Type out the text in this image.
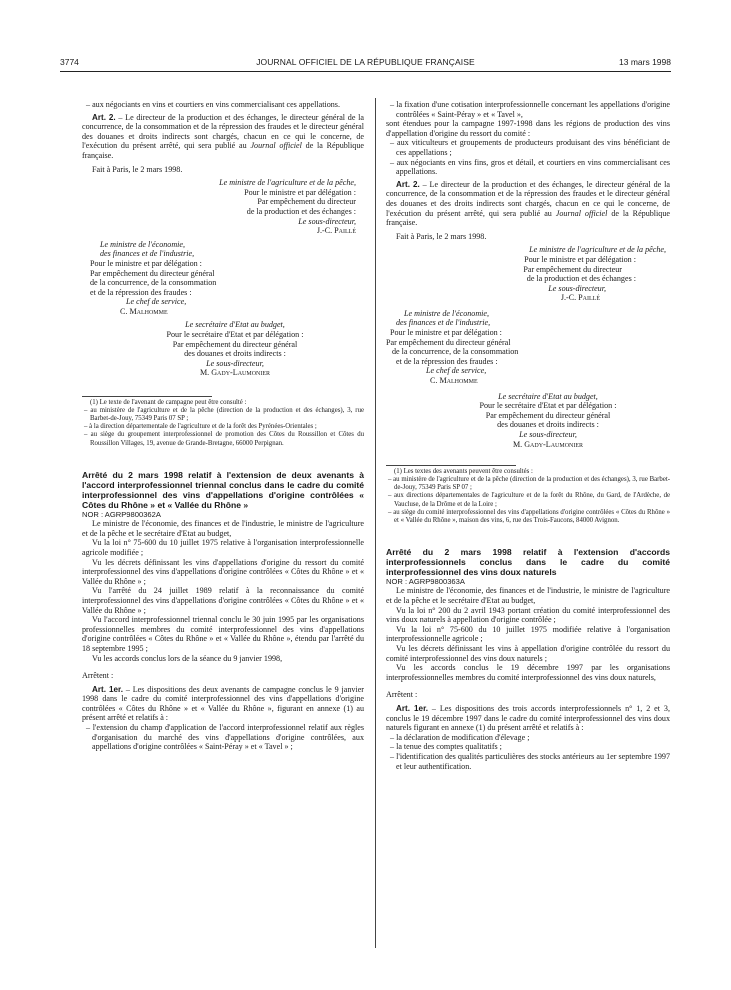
3774	JOURNAL OFFICIEL DE LA RÉPUBLIQUE FRANÇAISE	13 mars 1998

– aux négociants en vins et courtiers en vins commercialisant ces appellations.

Art. 2. – Le directeur de la production et des échanges, le directeur général de la concurrence, de la consommation et de la répression des fraudes et le directeur général des douanes et droits indirects sont chargés, chacun en ce qui le concerne, de l'exécution du présent arrêté, qui sera publié au Journal officiel de la République française.

Fait à Paris, le 2 mars 1998.

Le ministre de l'agriculture et de la pêche,
Pour le ministre et par délégation :
Par empêchement du directeur
de la production et des échanges :
Le sous-directeur,
J.-C. Paillé
Le ministre de l'économie,
des finances et de l'industrie,
Pour le ministre et par délégation :
Par empêchement du directeur général
de la concurrence, de la consommation
et de la répression des fraudes :
Le chef de service,
C. Malhomme
Le secrétaire d'Etat au budget,
Pour le secrétaire d'Etat et par délégation :
Par empêchement du directeur général
des douanes et droits indirects :
Le sous-directeur,
M. Gady-Laumonier

(1) Le texte de l'avenant de campagne peut être consulté :

– au ministère de l'agriculture et de la pêche (direction de la production et des échanges), 3, rue Barbet-de-Jouy, 75349 Paris 07 SP ;

– à la direction départementale de l'agriculture et de la forêt des Pyrénées-Orientales ;

– au siège du groupement interprofessionnel de promotion des Côtes du Roussillon et Côtes du Roussillon Villages, 19, avenue de Grande-Bretagne, 66000 Perpignan.

Arrêté du 2 mars 1998 relatif à l'extension de deux avenants à l'accord interprofessionnel triennal conclus dans le cadre du comité interprofessionnel des vins d'appellations d'origine contrôlées « Côtes du Rhône » et « Vallée du Rhône »

NOR : AGRP9800362A

Le ministre de l'économie, des finances et de l'industrie, le ministre de l'agriculture et de la pêche et le secrétaire d'Etat au budget,

Vu la loi n° 75-600 du 10 juillet 1975 relative à l'organisation interprofessionnelle agricole modifiée ;

Vu les décrets définissant les vins d'appellations d'origine du ressort du comité interprofessionnel des vins d'appellations d'origine contrôlées « Côtes du Rhône » et « Vallée du Rhône » ;

Vu l'arrêté du 24 juillet 1989 relatif à la reconnaissance du comité interprofessionnel des vins d'appellations d'origine contrôlées « Côtes du Rhône » et « Vallée du Rhône » ;

Vu l'accord interprofessionnel triennal conclu le 30 juin 1995 par les organisations professionnelles membres du comité interprofessionnel des vins d'appellations d'origine contrôlées « Côtes du Rhône » et « Vallée du Rhône », étendu par l'arrêté du 18 septembre 1995 ;

Vu les accords conclus lors de la séance du 9 janvier 1998,

Arrêtent :

Art. 1er. – Les dispositions des deux avenants de campagne conclus le 9 janvier 1998 dans le cadre du comité interprofessionnel des vins d'appellations d'origine contrôlées « Côtes du Rhône » et « Vallée du Rhône », figurant en annexe (1) au présent arrêté et relatifs à :

– l'extension du champ d'application de l'accord interprofessionnel relatif aux règles d'organisation du marché des vins d'appellations d'origine contrôlées, aux appellations d'origine contrôlées « Saint-Péray » et « Tavel » ;

– la fixation d'une cotisation interprofessionnelle concernant les appellations d'origine contrôlées « Saint-Péray » et « Tavel »,

sont étendues pour la campagne 1997-1998 dans les régions de production des vins d'appellation d'origine du ressort du comité :

– aux viticulteurs et groupements de producteurs produisant des vins bénéficiant de ces appellations ;

– aux négociants en vins fins, gros et détail, et courtiers en vins commercialisant ces appellations.

Art. 2. – Le directeur de la production et des échanges, le directeur général de la concurrence, de la consommation et de la répression des fraudes et le directeur général des douanes et des droits indirects sont chargés, chacun en ce qui le concerne, de l'exécution du présent arrêté, qui sera publié au Journal officiel de la République française.

Fait à Paris, le 2 mars 1998.

Le ministre de l'agriculture et de la pêche,
Pour le ministre et par délégation :
Par empêchement du directeur
de la production et des échanges :
Le sous-directeur,
J.-C. Paillé
Le ministre de l'économie,
des finances et de l'industrie,
Pour le ministre et par délégation :
Par empêchement du directeur général
de la concurrence, de la consommation
et de la répression des fraudes :
Le chef de service,
C. Malhomme
Le secrétaire d'Etat au budget,
Pour le secrétaire d'Etat et par délégation :
Par empêchement du directeur général
des douanes et droits indirects :
Le sous-directeur,
M. Gady-Laumonier

(1) Les textes des avenants peuvent être consultés :

– au ministère de l'agriculture et de la pêche (direction de la production et des échanges), 3, rue Barbet-de-Jouy, 75349 Paris SP 07 ;

– aux directions départementales de l'agriculture et de la forêt du Rhône, du Gard, de l'Ardèche, de Vaucluse, de la Drôme et de la Loire ;

– au siège du comité interprofessionnel des vins d'appellations d'origine contrôlées « Côtes du Rhône » et « Vallée du Rhône », maison des vins, 6, rue des Trois-Faucons, 84000 Avignon.

Arrêté du 2 mars 1998 relatif à l'extension d'accords interprofessionnels conclus dans le cadre du comité interprofessionnel des vins doux naturels

NOR : AGRP9800363A

Le ministre de l'économie, des finances et de l'industrie, le ministre de l'agriculture et de la pêche et le secrétaire d'Etat au budget,

Vu la loi n° 200 du 2 avril 1943 portant création du comité interprofessionnel des vins doux naturels à appellation d'origine contrôlée ;

Vu la loi n° 75-600 du 10 juillet 1975 modifiée relative à l'organisation interprofessionnelle agricole ;

Vu les décrets définissant les vins à appellation d'origine contrôlée du ressort du comité interprofessionnel des vins doux naturels ;

Vu les accords conclus le 19 décembre 1997 par les organisations interprofessionnelles membres du comité interprofessionnel des vins doux naturels,

Arrêtent :

Art. 1er. – Les dispositions des trois accords interprofessionnels n° 1, 2 et 3, conclus le 19 décembre 1997 dans le cadre du comité interprofessionnel des vins doux naturels figurant en annexe (1) du présent arrêté et relatifs à :

– la déclaration de modification d'élevage ;

– la tenue des comptes qualitatifs ;

– l'identification des qualités particulières des stocks antérieurs au 1er septembre 1997 et leur authentification.
